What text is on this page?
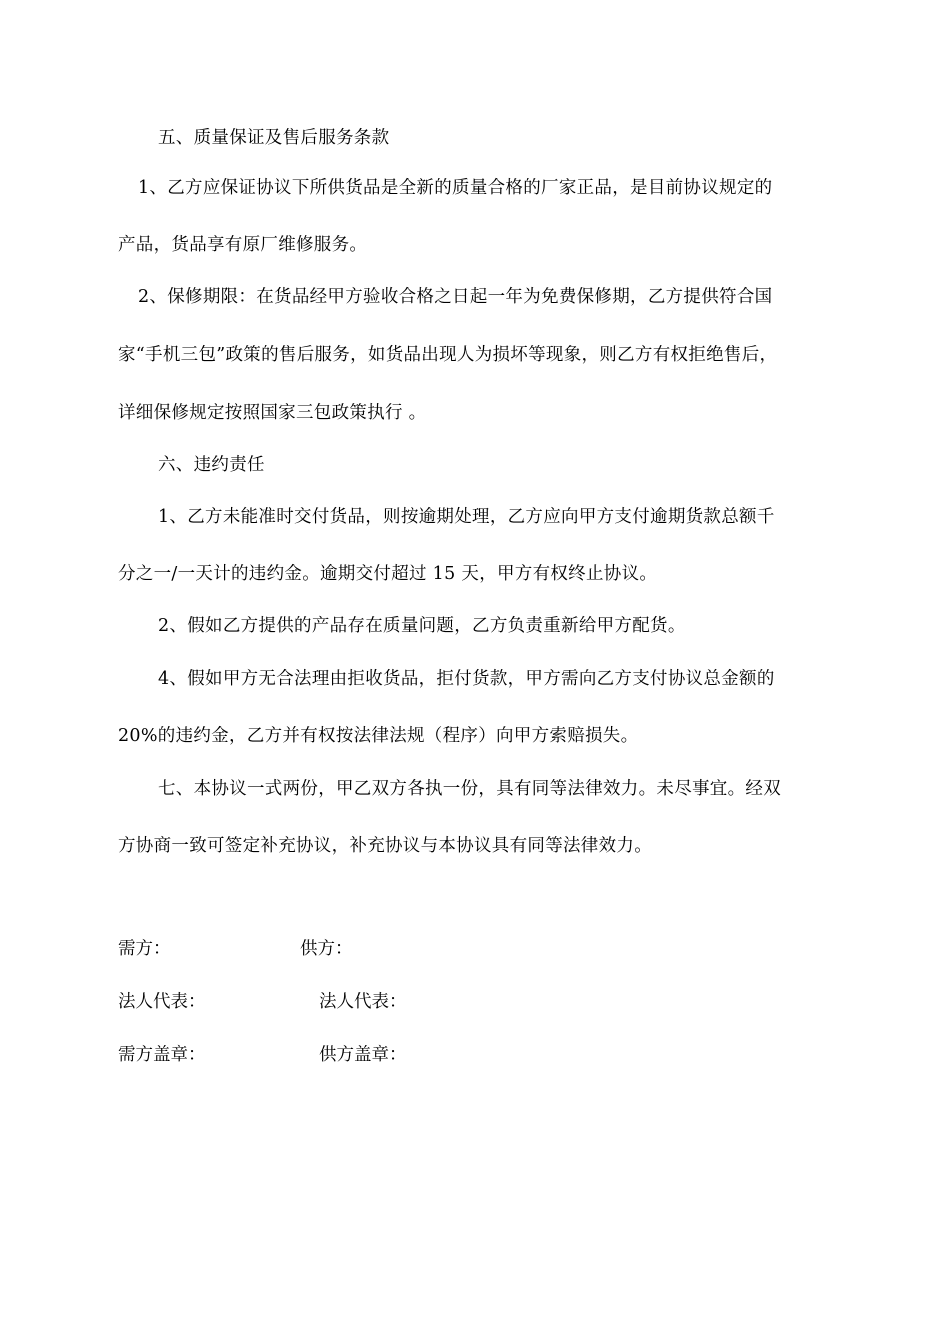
五、质量保证及售后服务条款
1、乙方应保证协议下所供货品是全新的质量合格的厂家正品，是目前协议规定的
产品，货品享有原厂维修服务。
2、保修期限：在货品经甲方验收合格之日起一年为免费保修期，乙方提供符合国
家“手机三包”政策的售后服务，如货品出现人为损坏等现象，则乙方有权拒绝售后，
详细保修规定按照国家三包政策执行 。
六、违约责任
1、乙方未能准时交付货品，则按逾期处理，乙方应向甲方支付逾期货款总额千
分之一/一天计的违约金。逾期交付超过 15 天，甲方有权终止协议。
2、假如乙方提供的产品存在质量问题，乙方负责重新给甲方配货。
4、假如甲方无合法理由拒收货品，拒付货款，甲方需向乙方支付协议总金额的
20%的违约金，乙方并有权按法律法规（程序）向甲方索赔损失。
七、本协议一式两份，甲乙双方各执一份，具有同等法律效力。未尽事宜。经双
方协商一致可签定补充协议，补充协议与本协议具有同等法律效力。
需方：	供方：
法人代表：	法人代表：
需方盖章：	供方盖章：
